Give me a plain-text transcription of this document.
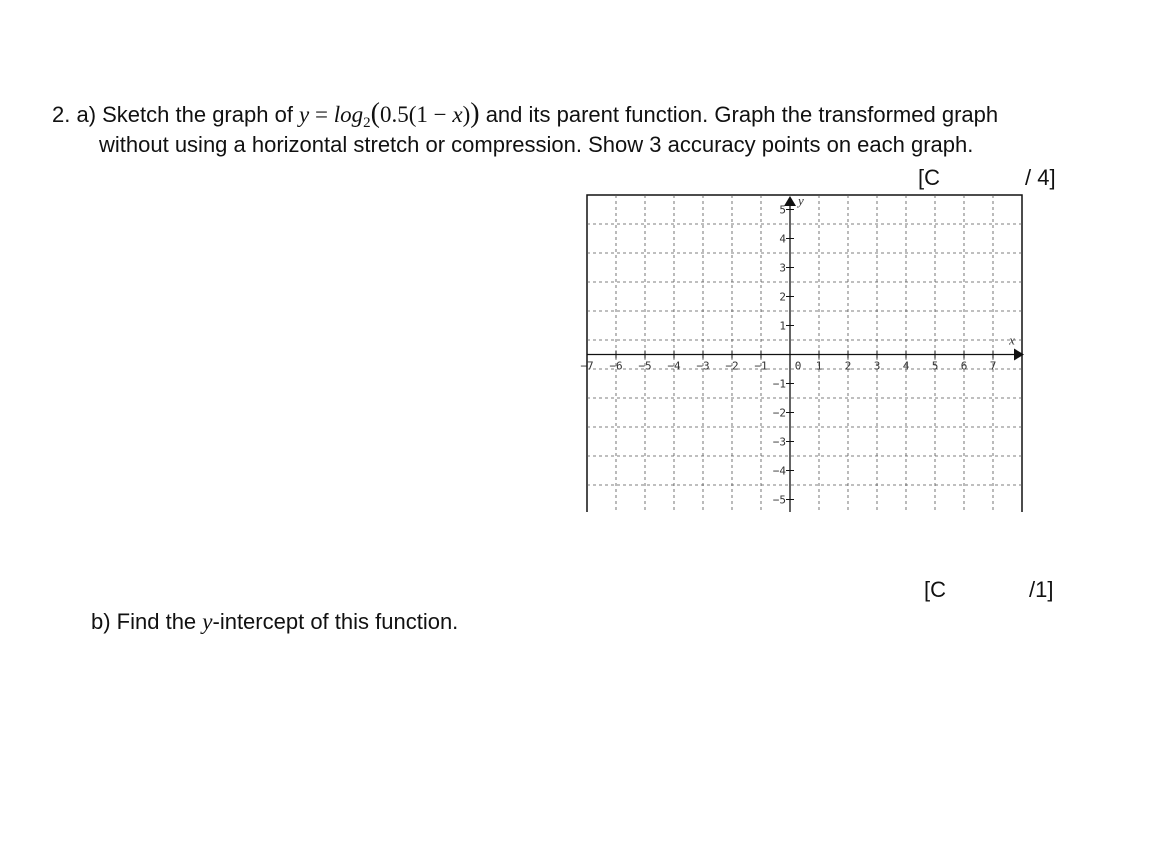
2. a) Sketch the graph of $y = \log_2(0.5(1 - x))$ and its parent function. Graph the transformed graph
without using a horizontal stretch or compression. Show 3 accuracy points on each graph.
[C	/ 4]
−7 −6 −5 −4 −3 −2 −1 0 1 2 3 4 5 6 7
5
4
3
2
1
−1
−2
−3
−4
−5
x
y
[C	/1]
b) Find the y-intercept of this function.
